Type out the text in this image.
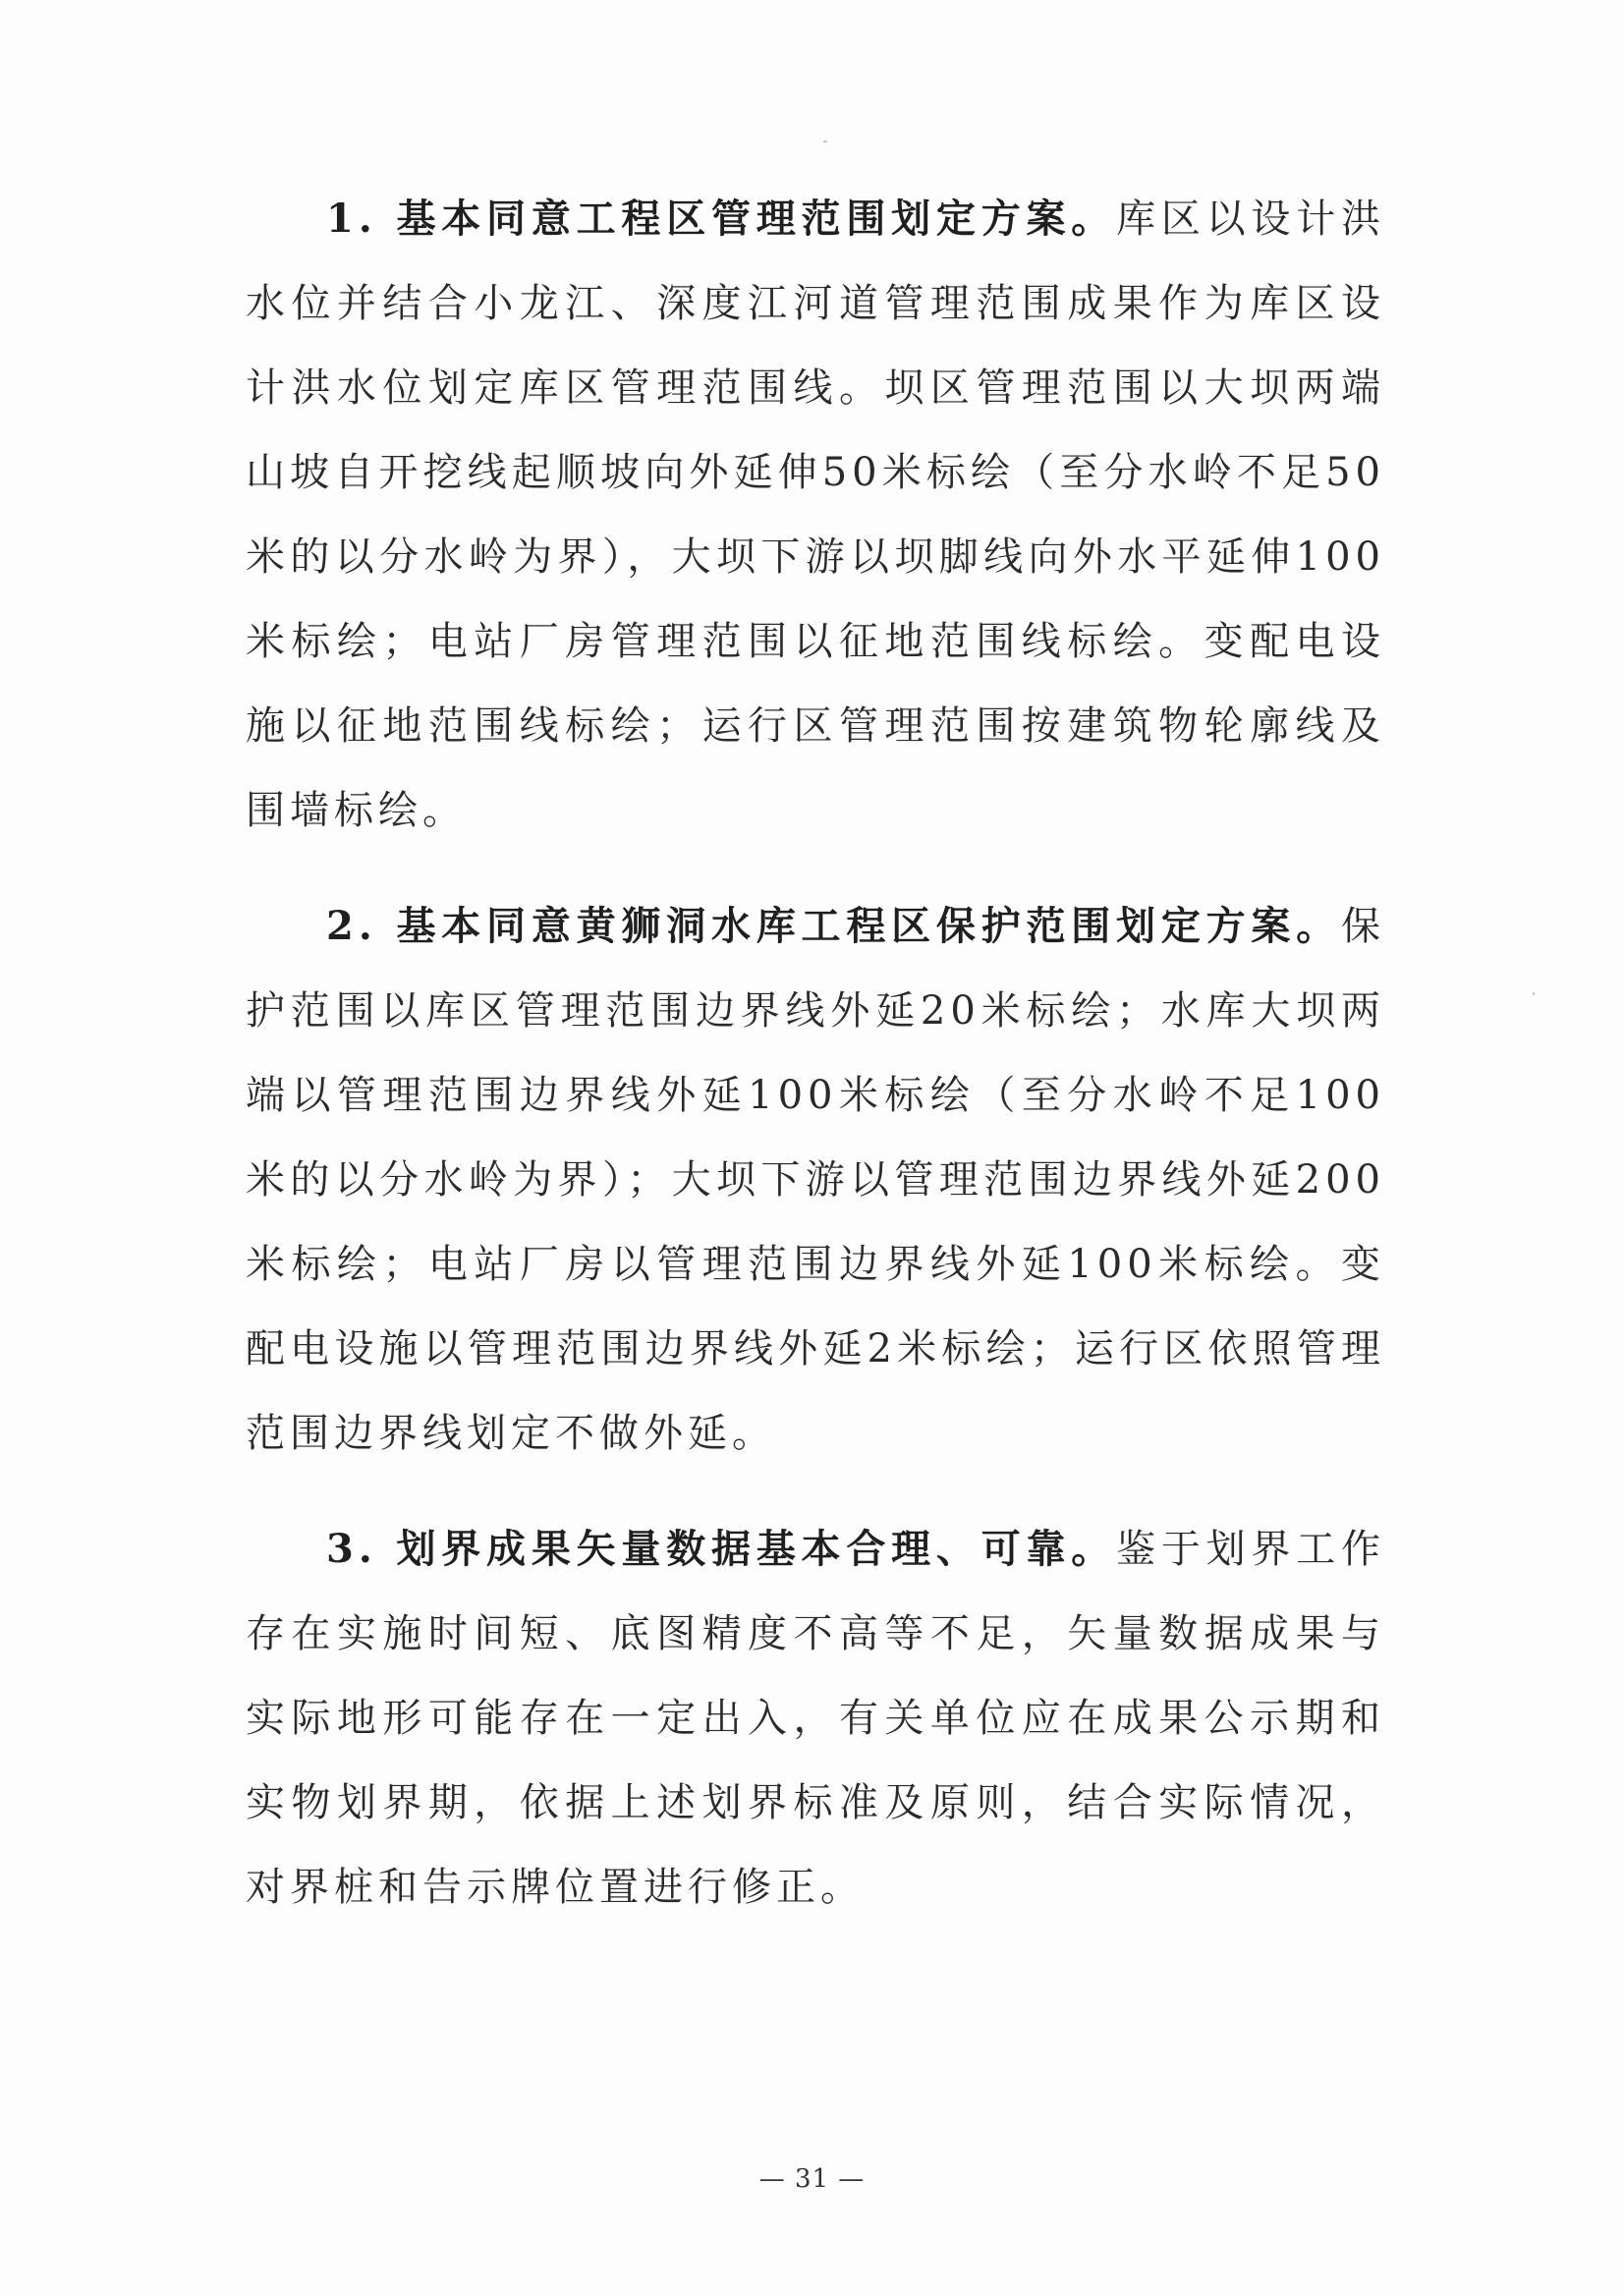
1. 基本同意工程区管理范围划定方案。库区以设计洪水位并结合小龙江、深度江河道管理范围成果作为库区设计洪水位划定库区管理范围线。坝区管理范围以大坝两端山坡自开挖线起顺坡向外延伸50米标绘（至分水岭不足50米的以分水岭为界），大坝下游以坝脚线向外水平延伸100米标绘；电站厂房管理范围以征地范围线标绘。变配电设施以征地范围线标绘；运行区管理范围按建筑物轮廓线及围墙标绘。

2. 基本同意黄狮洞水库工程区保护范围划定方案。保护范围以库区管理范围边界线外延20米标绘；水库大坝两端以管理范围边界线外延100米标绘（至分水岭不足100米的以分水岭为界）；大坝下游以管理范围边界线外延200米标绘；电站厂房以管理范围边界线外延100米标绘。变配电设施以管理范围边界线外延2米标绘；运行区依照管理范围边界线划定不做外延。

3. 划界成果矢量数据基本合理、可靠。鉴于划界工作存在实施时间短、底图精度不高等不足，矢量数据成果与实际地形可能存在一定出入，有关单位应在成果公示期和实物划界期，依据上述划界标准及原则，结合实际情况，对界桩和告示牌位置进行修正。

— 31 —
